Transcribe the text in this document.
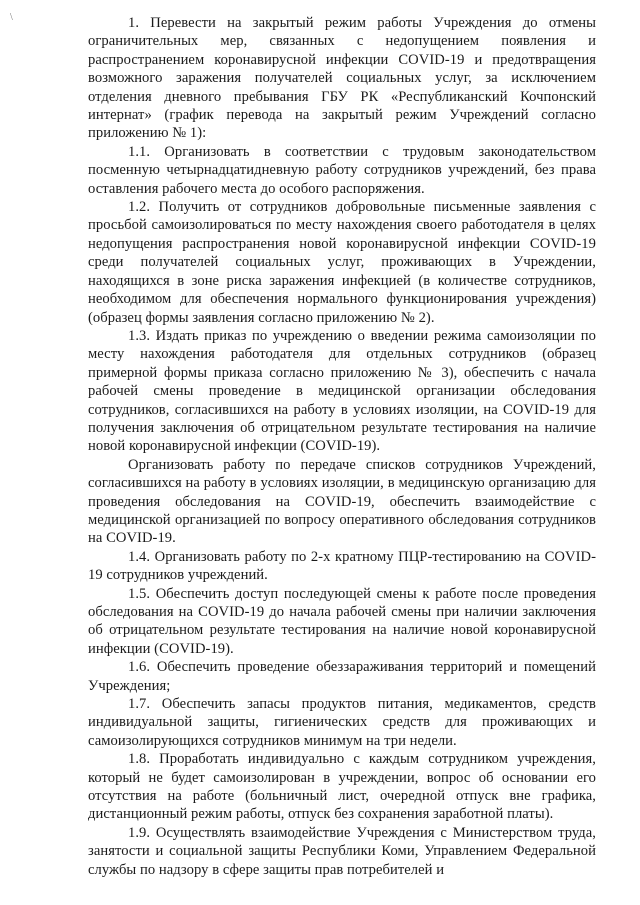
\	1. Перевести на закрытый режим работы Учреждения до отмены ограничительных мер, связанных с недопущением появления и распространением коронавирусной инфекции COVID-19 и предотвращения возможного заражения получателей социальных услуг, за исключением отделения дневного пребывания ГБУ РК «Республиканский Кочпонский интернат» (график перевода на закрытый режим Учреждений согласно приложению № 1):

1.1. Организовать в соответствии с трудовым законодательством посменную четырнадцатидневную работу сотрудников учреждений, без права оставления рабочего места до особого распоряжения.

1.2. Получить от сотрудников добровольные письменные заявления с просьбой самоизолироваться по месту нахождения своего работодателя в целях недопущения распространения новой коронавирусной инфекции COVID-19 среди получателей социальных услуг, проживающих в Учреждении, находящихся в зоне риска заражения инфекцией (в количестве сотрудников, необходимом для обеспечения нормального функционирования учреждения) (образец формы заявления согласно приложению № 2).

1.3. Издать приказ по учреждению о введении режима самоизоляции по месту нахождения работодателя для отдельных сотрудников (образец примерной формы приказа согласно приложению № 3), обеспечить с начала рабочей смены проведение в медицинской организации обследования сотрудников, согласившихся на работу в условиях изоляции, на COVID-19 для получения заключения об отрицательном результате тестирования на наличие новой коронавирусной инфекции (COVID-19).

Организовать работу по передаче списков сотрудников Учреждений, согласившихся на работу в условиях изоляции, в медицинскую организацию для проведения обследования на COVID-19, обеспечить взаимодействие с медицинской организацией по вопросу оперативного обследования сотрудников на COVID-19.

1.4. Организовать работу по 2-х кратному ПЦР-тестированию на COVID-19 сотрудников учреждений.

1.5. Обеспечить доступ последующей смены к работе после проведения обследования на COVID-19 до начала рабочей смены при наличии заключения об отрицательном результате тестирования на наличие новой коронавирусной инфекции (COVID-19).

1.6. Обеспечить проведение обеззараживания территорий и помещений Учреждения;

1.7. Обеспечить запасы продуктов питания, медикаментов, средств индивидуальной защиты, гигиенических средств для проживающих и самоизолирующихся сотрудников минимум на три недели.

1.8. Проработать индивидуально с каждым сотрудником учреждения, который не будет самоизолирован в учреждении, вопрос об основании его отсутствия на работе (больничный лист, очередной отпуск вне графика, дистанционный режим работы, отпуск без сохранения заработной платы).

1.9. Осуществлять взаимодействие Учреждения с Министерством труда, занятости и социальной защиты Республики Коми, Управлением Федеральной службы по надзору в сфере защиты прав потребителей и
